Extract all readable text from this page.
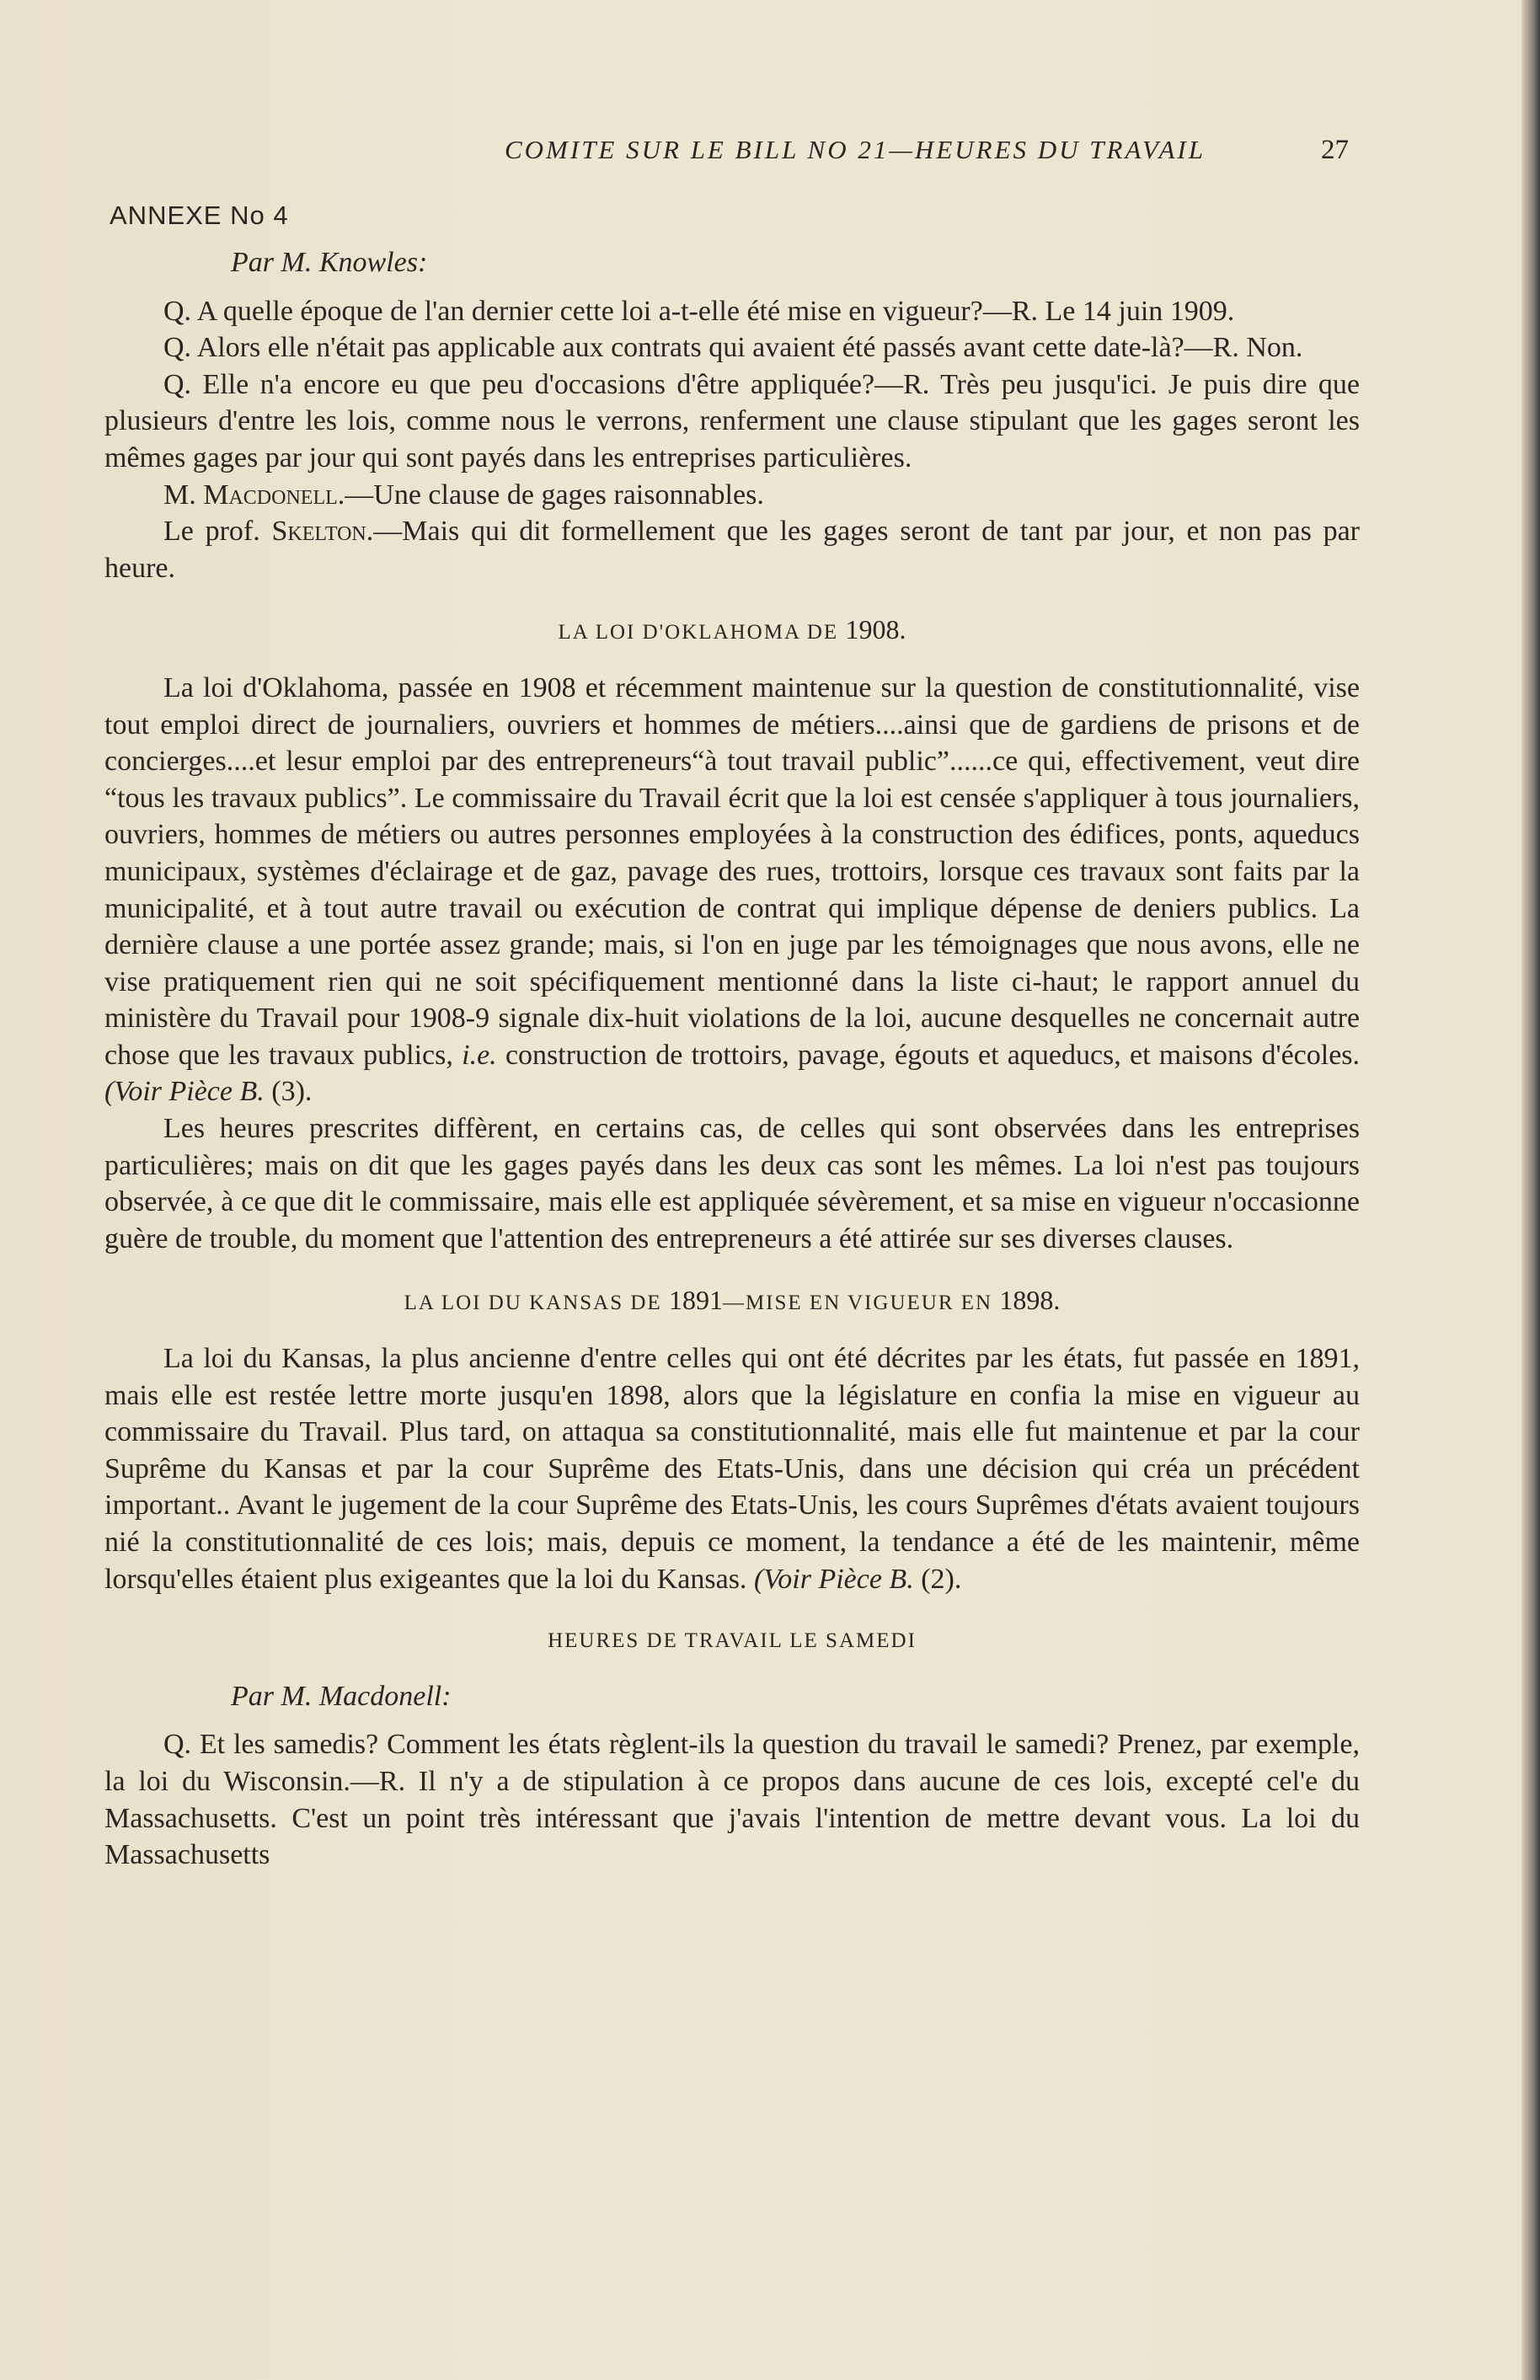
COMITE SUR LE BILL NO 21—HEURES DU TRAVAIL	27
ANNEXE No 4

Par M. Knowles:

Q. A quelle époque de l'an dernier cette loi a-t-elle été mise en vigueur?—R. Le 14 juin 1909.

Q. Alors elle n'était pas applicable aux contrats qui avaient été passés avant cette date-là?—R. Non.

Q. Elle n'a encore eu que peu d'occasions d'être appliquée?—R. Très peu jusqu'ici. Je puis dire que plusieurs d'entre les lois, comme nous le verrons, renferment une clause stipulant que les gages seront les mêmes gages par jour qui sont payés dans les entreprises particulières.

M. Macdonell.—Une clause de gages raisonnables.

Le prof. Skelton.—Mais qui dit formellement que les gages seront de tant par jour, et non pas par heure.

LA LOI D'OKLAHOMA DE 1908.

La loi d'Oklahoma, passée en 1908 et récemment maintenue sur la question de constitutionnalité, vise tout emploi direct de journaliers, ouvriers et hommes de métiers....ainsi que de gardiens de prisons et de concierges....et lesur emploi par des entrepreneurs“à tout travail public”......ce qui, effectivement, veut dire “tous les travaux publics”. Le commissaire du Travail écrit que la loi est censée s'appliquer à tous journaliers, ouvriers, hommes de métiers ou autres personnes employées à la construction des édifices, ponts, aqueducs municipaux, systèmes d'éclairage et de gaz, pavage des rues, trottoirs, lorsque ces travaux sont faits par la municipalité, et à tout autre travail ou exécution de contrat qui implique dépense de deniers publics. La dernière clause a une portée assez grande; mais, si l'on en juge par les témoignages que nous avons, elle ne vise pratiquement rien qui ne soit spécifiquement mentionné dans la liste ci-haut; le rapport annuel du ministère du Travail pour 1908-9 signale dix-huit violations de la loi, aucune desquelles ne concernait autre chose que les travaux publics, i.e. construction de trottoirs, pavage, égouts et aqueducs, et maisons d'écoles. (Voir Pièce B. (3).

Les heures prescrites diffèrent, en certains cas, de celles qui sont observées dans les entreprises particulières; mais on dit que les gages payés dans les deux cas sont les mêmes. La loi n'est pas toujours observée, à ce que dit le commissaire, mais elle est appliquée sévèrement, et sa mise en vigueur n'occasionne guère de trouble, du moment que l'attention des entrepreneurs a été attirée sur ses diverses clauses.

LA LOI DU KANSAS DE 1891—MISE EN VIGUEUR EN 1898.

La loi du Kansas, la plus ancienne d'entre celles qui ont été décrites par les états, fut passée en 1891, mais elle est restée lettre morte jusqu'en 1898, alors que la législature en confia la mise en vigueur au commissaire du Travail. Plus tard, on attaqua sa constitutionnalité, mais elle fut maintenue et par la cour Suprême du Kansas et par la cour Suprême des Etats-Unis, dans une décision qui créa un précédent important.. Avant le jugement de la cour Suprême des Etats-Unis, les cours Suprêmes d'états avaient toujours nié la constitutionnalité de ces lois; mais, depuis ce moment, la tendance a été de les maintenir, même lorsqu'elles étaient plus exigeantes que la loi du Kansas. (Voir Pièce B. (2).

HEURES DE TRAVAIL LE SAMEDI

Par M. Macdonell:

Q. Et les samedis? Comment les états règlent-ils la question du travail le samedi? Prenez, par exemple, la loi du Wisconsin.—R. Il n'y a de stipulation à ce propos dans aucune de ces lois, excepté cel'e du Massachusetts. C'est un point très intéressant que j'avais l'intention de mettre devant vous. La loi du Massachusetts
